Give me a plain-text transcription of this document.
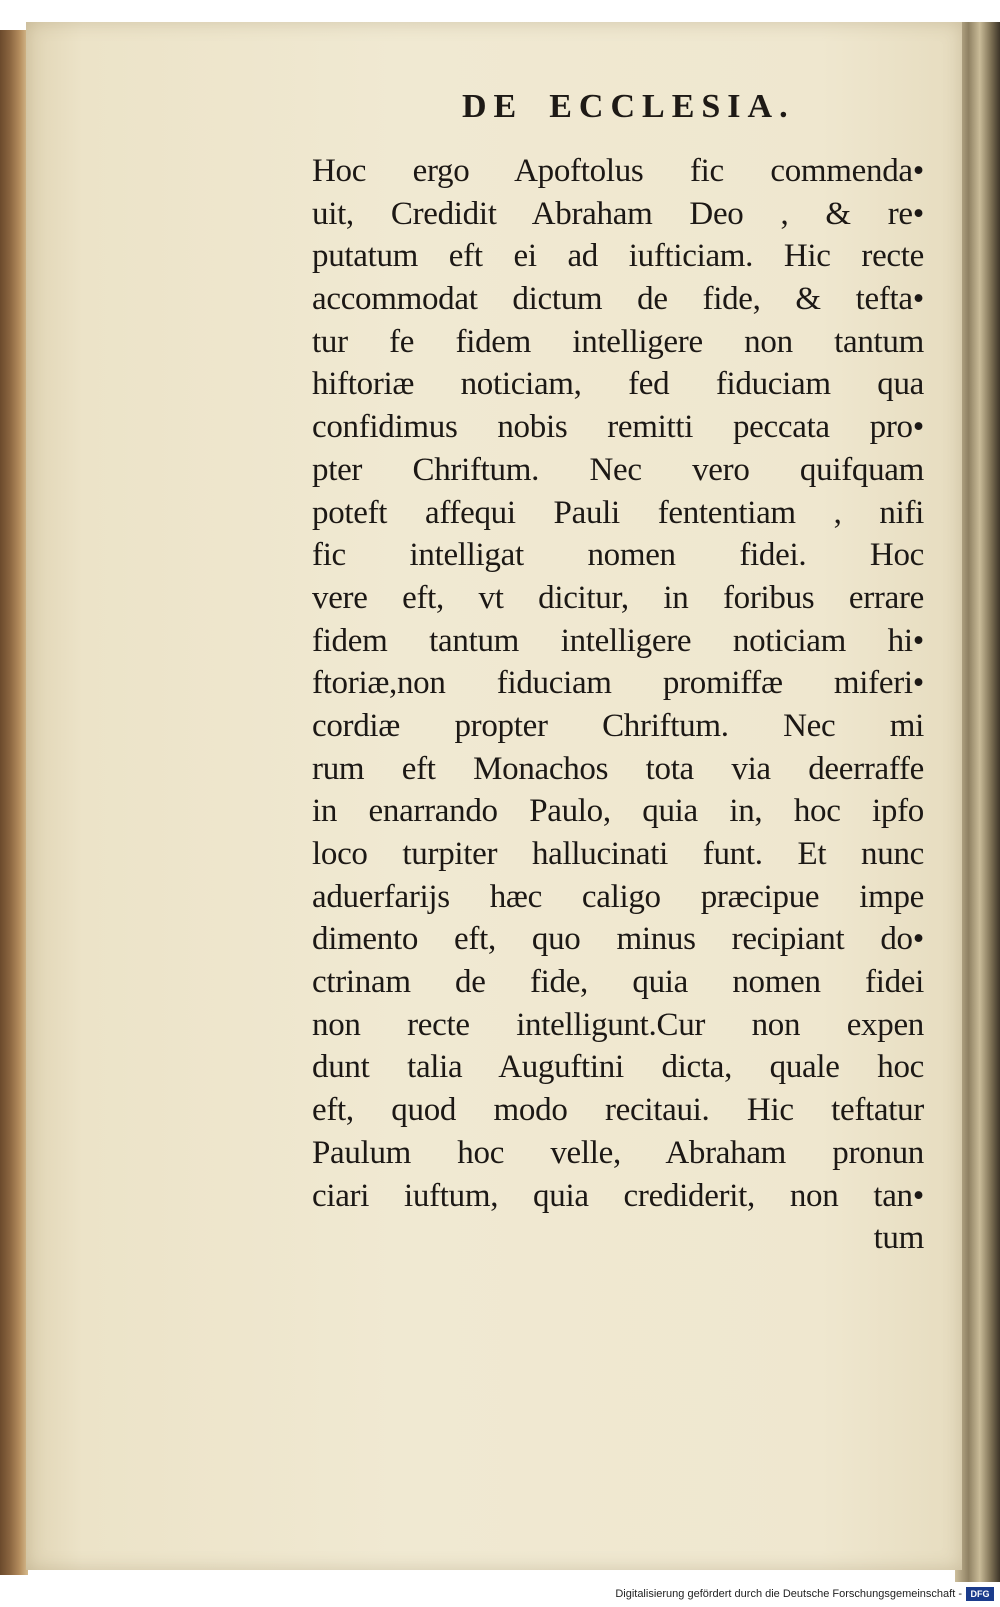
DE ECCLESIA.
Hoc ergo Apoftolus fic commenda•
uit, Credidit Abraham Deo , & re•
putatum eft ei ad iufticiam. Hic recte
accommodat dictum de fide, & tefta•
tur fe fidem intelligere non tantum
hiftoriæ noticiam, fed fiduciam qua
confidimus nobis remitti peccata pro•
pter Chriftum. Nec vero quifquam
poteft affequi Pauli fententiam , nifi
fic intelligat nomen fidei. Hoc
vere eft, vt dicitur, in foribus errare
fidem tantum intelligere noticiam hi•
ftoriæ,non fiduciam promiffæ miferi•
cordiæ propter Chriftum. Nec mi
rum eft Monachos tota via deerraffe
in enarrando Paulo, quia in, hoc ipfo
loco turpiter hallucinati funt. Et nunc
aduerfarijs hæc caligo præcipue impe
dimento eft, quo minus recipiant do•
ctrinam de fide, quia nomen fidei
non recte intelligunt.Cur non expen
dunt talia Auguftini dicta, quale hoc
eft, quod modo recitaui. Hic teftatur
Paulum hoc velle, Abraham pronun
ciari iuftum, quia crediderit, non tan•
tum
Digitalisierung gefördert durch die Deutsche Forschungsgemeinschaft - DFG
